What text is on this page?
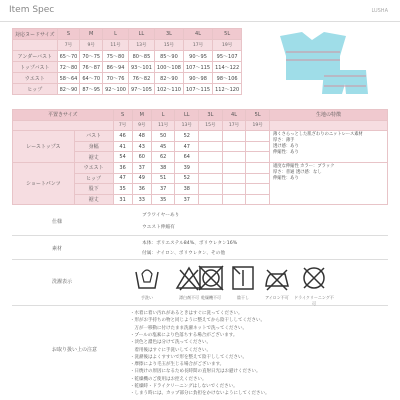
Item Spec	LUSHA
対応ヌードサイズ	S	M	L	LL	3L	4L	5L
	7号	9号	11号	13号	15号	17号	19号
アンダーバスト	65〜70	70〜75	75〜80	80〜85	85〜90	90〜95	95〜107
トップバスト	72〜80	76〜87	86〜94	93〜101	100〜108	107〜115	114〜122
ウエスト	58〜64	64〜70	70〜76	76〜82	82〜90	90〜98	98〜106
ヒップ	82〜90	87〜95	92〜100	97〜105	102〜110	107〜115	112〜120
平置きサイズ		S	M	L	LL	3L	4L	5L	生地の特徴
		7号	9号	11号	13号	15号	17号	19号	
レーストップス	バスト	46	48	50	52				薄くさらっとした肌ざわりのニットレース素材
厚さ：薄手
透け感：あり
伸縮性：あり
	身幅	41	43	45	47				
	裾丈	54	60	62	64				
ショートパンツ	ウエスト	36	37	38	39				適度な伸縮性 カラー：ブラック
厚さ：普通 透け感：なし
伸縮性：あり
	ヒップ	47	49	51	52				
	股下	35	36	37	38				
	裾丈	31	33	35	37				
仕様
ブラワイヤーあり
ウエスト伸縮有
素材
本体：ポリエステル84%、ポリウレタン16%
付属：ナイロン、ポリウレタン、その他
洗濯表示
手洗い	漂白剤不可 乾燥機不可	陰干し	アイロン不可	ドライクリーニング不可
お取り扱い上の注意
・水着に着い汚れがあるときはすぐに洗ってください。
・形がお手持ちの物と同じように整えてから陰干ししてください。
　万が一移動に付けたまま洗濯ネットで洗ってください。
・プールの塩素により色落ちする場合がございます。
・淡色と濃色は分けて洗ってください。
　着用後はすぐに手洗いしてください。
・洗濯後はよくすすいで形を整えて陰干ししてください。
・摩擦により毛玉が生じる場合がございます。
・日焼けの原因になるため長時間の直射日光はお避けください。
・乾燥機のご使用はお控えください。
・乾燥時・ドライクリーニングはしないでください。
・しまう時には、カップ部分に負担をかけないようにしてください。
